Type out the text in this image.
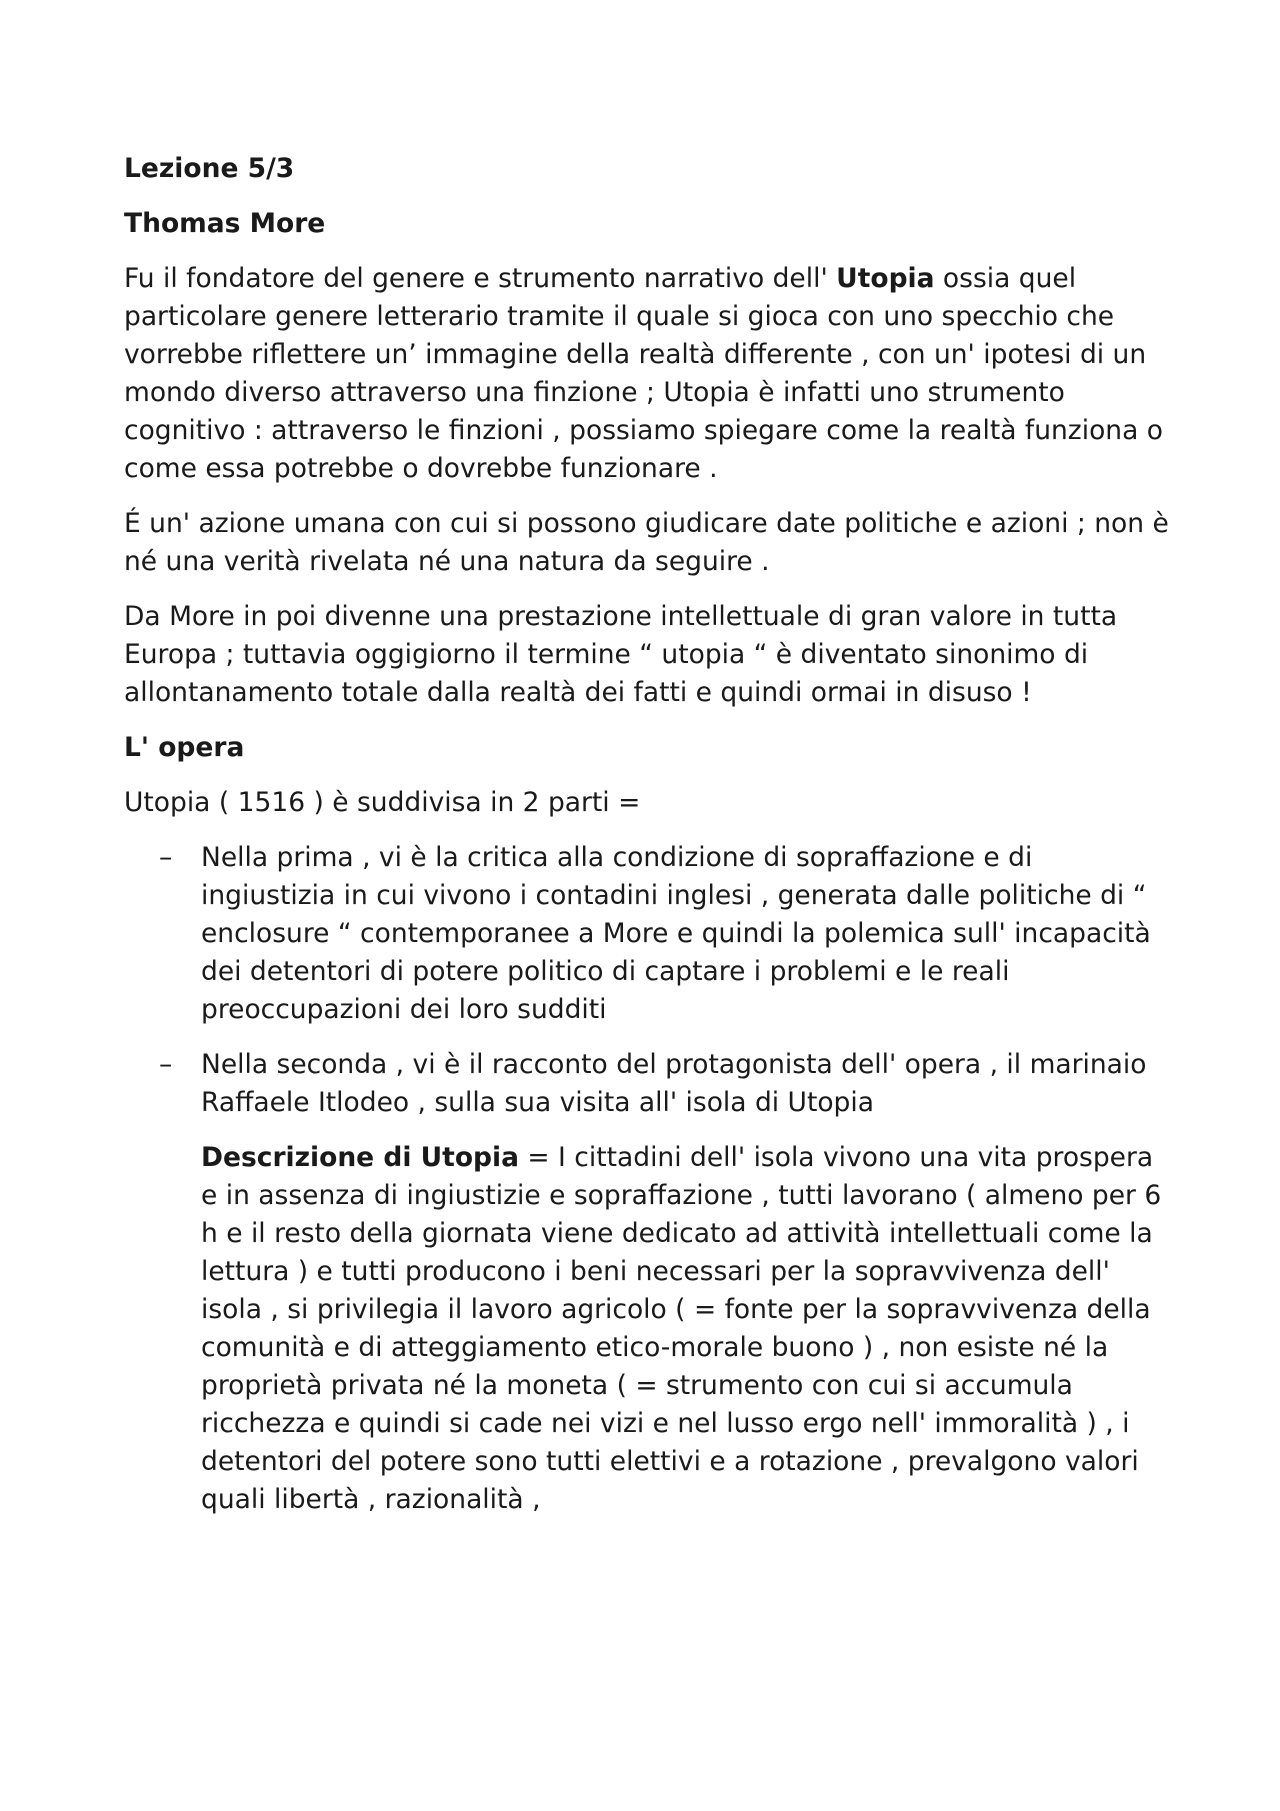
Lezione 5/3
Thomas More

Fu il fondatore del genere e strumento narrativo dell' Utopia ossia quel particolare genere letterario tramite il quale si gioca con uno specchio che vorrebbe riflettere un’ immagine della realtà differente , con un' ipotesi di un mondo diverso attraverso una finzione ; Utopia è infatti uno strumento cognitivo : attraverso le finzioni , possiamo spiegare come la realtà funziona o come essa potrebbe o dovrebbe funzionare .

É un' azione umana con cui si possono giudicare date politiche e azioni ; non è né una verità rivelata né una natura da seguire .

Da More in poi divenne una prestazione intellettuale di gran valore in tutta Europa ; tuttavia oggigiorno il termine “ utopia “ è diventato sinonimo di allontanamento totale dalla realtà dei fatti e quindi ormai in disuso !

L' opera

Utopia ( 1516 ) è suddivisa in 2 parti =

– Nella prima , vi è la critica alla condizione di sopraffazione e di ingiustizia in cui vivono i contadini inglesi , generata dalle politiche di “ enclosure “ contemporanee a More e quindi la polemica sull' incapacità dei detentori di potere politico di captare i problemi e le reali preoccupazioni dei loro sudditi
– Nella seconda , vi è il racconto del protagonista dell' opera , il marinaio Raffaele Itlodeo , sulla sua visita all' isola di Utopia

Descrizione di Utopia = I cittadini dell' isola vivono una vita prospera e in assenza di ingiustizie e sopraffazione , tutti lavorano ( almeno per 6 h e il resto della giornata viene dedicato ad attività intellettuali come la lettura ) e tutti producono i beni necessari per la sopravvivenza dell' isola , si privilegia il lavoro agricolo ( = fonte per la sopravvivenza della comunità e di atteggiamento etico-morale buono ) , non esiste né la proprietà privata né la moneta ( = strumento con cui si accumula ricchezza e quindi si cade nei vizi e nel lusso ergo nell' immoralità ) , i detentori del potere sono tutti elettivi e a rotazione , prevalgono valori quali libertà , razionalità ,
